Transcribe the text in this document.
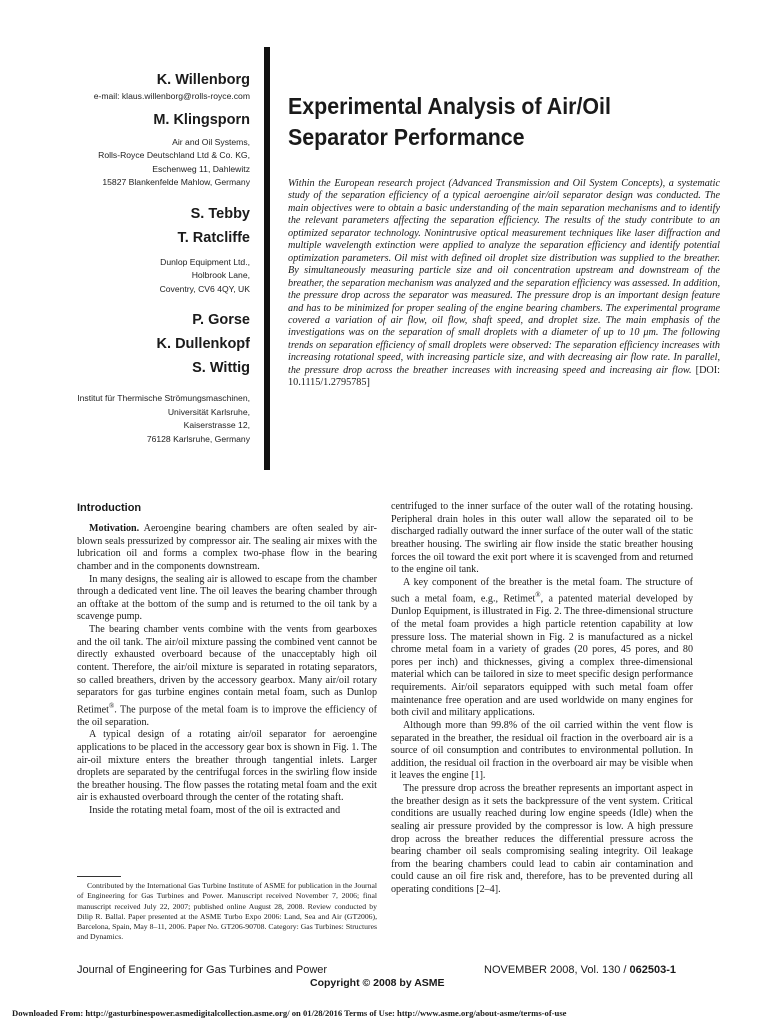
K. Willenborg
e-mail: klaus.willenborg@rolls-royce.com
M. Klingsporn
Air and Oil Systems,
Rolls-Royce Deutschland Ltd & Co. KG,
Eschenweg 11, Dahlewitz
15827 Blankenfelde Mahlow, Germany
S. Tebby
T. Ratcliffe
Dunlop Equipment Ltd.,
Holbrook Lane,
Coventry, CV6 4QY, UK
P. Gorse
K. Dullenkopf
S. Wittig
Institut für Thermische Strömungsmaschinen,
Universität Karlsruhe,
Kaiserstrasse 12,
76128 Karlsruhe, Germany
Experimental Analysis of Air/Oil
Separator Performance
Within the European research project (Advanced Transmission and Oil System Concepts), a systematic study of the separation efficiency of a typical aeroengine air/oil separator design was conducted. The main objectives were to obtain a basic understanding of the main separation mechanisms and to identify the relevant parameters affecting the separation efficiency. The results of the study contribute to an optimized separator technology. Nonintrusive optical measurement techniques like laser diffraction and multiple wavelength extinction were applied to analyze the separation efficiency and identify potential optimization parameters. Oil mist with defined oil droplet size distribution was supplied to the breather. By simultaneously measuring particle size and oil concentration upstream and downstream of the breather, the separation mechanism was analyzed and the separation efficiency was assessed. In addition, the pressure drop across the separator was measured. The pressure drop is an important design feature and has to be minimized for proper sealing of the engine bearing chambers. The experimental programe covered a variation of air flow, oil flow, shaft speed, and droplet size. The main emphasis of the investigations was on the separation of small droplets with a diameter of up to 10 μm. The following trends on separation efficiency of small droplets were observed: The separation efficiency increases with increasing rotational speed, with increasing particle size, and with decreasing air flow rate. In parallel, the pressure drop across the breather increases with increasing speed and increasing air flow. [DOI: 10.1115/1.2795785]
Introduction

Motivation. Aeroengine bearing chambers are often sealed by air-blown seals pressurized by compressor air. The sealing air mixes with the lubrication oil and forms a complex two-phase flow in the bearing chamber and in the components downstream.

In many designs, the sealing air is allowed to escape from the chamber through a dedicated vent line. The oil leaves the bearing chamber through an offtake at the bottom of the sump and is returned to the oil tank by a scavenge pump.

The bearing chamber vents combine with the vents from gearboxes and the oil tank. The air/oil mixture passing the combined vent cannot be directly exhausted overboard because of the unacceptably high oil content. Therefore, the air/oil mixture is separated in rotating separators, so called breathers, driven by the accessory gearbox. Many air/oil rotary separators for gas turbine engines contain metal foam, such as Dunlop Retimet®. The purpose of the metal foam is to improve the efficiency of the oil separation.

A typical design of a rotating air/oil separator for aeroengine applications to be placed in the accessory gear box is shown in Fig. 1. The air-oil mixture enters the breather through tangential inlets. Larger droplets are separated by the centrifugal forces in the swirling flow inside the breather housing. The flow passes the rotating metal foam and the exit air is exhausted overboard through the center of the rotating shaft.

Inside the rotating metal foam, most of the oil is extracted and

Contributed by the International Gas Turbine Institute of ASME for publication in the Journal of Engineering for Gas Turbines and Power. Manuscript received November 7, 2006; final manuscript received July 22, 2007; published online August 28, 2008. Review conducted by Dilip R. Ballal. Paper presented at the ASME Turbo Expo 2006: Land, Sea and Air (GT2006), Barcelona, Spain, May 8–11, 2006. Paper No. GT206-90708. Category: Gas Turbines: Structures and Dynamics.

centrifuged to the inner surface of the outer wall of the rotating housing. Peripheral drain holes in this outer wall allow the separated oil to be discharged radially outward the inner surface of the outer wall of the static breather housing. The swirling air flow inside the static breather housing forces the oil toward the exit port where it is scavenged from and returned to the engine oil tank.

A key component of the breather is the metal foam. The structure of such a metal foam, e.g., Retimet®, a patented material developed by Dunlop Equipment, is illustrated in Fig. 2. The three-dimensional structure of the metal foam provides a high particle retention capability at low pressure loss. The material shown in Fig. 2 is manufactured as a nickel chrome metal foam in a variety of grades (20 pores, 45 pores, and 80 pores per inch) and thicknesses, giving a complex three-dimensional material which can be tailored in size to meet specific design performance requirements. Air/oil separators equipped with such metal foam offer maintenance free operation and are used worldwide on many engines for both civil and military applications.

Although more than 99.8% of the oil carried within the vent flow is separated in the breather, the residual oil fraction in the overboard air is a source of oil consumption and contributes to environmental pollution. In addition, the residual oil fraction in the overboard air may be visible when it leaves the engine [1].

The pressure drop across the breather represents an important aspect in the breather design as it sets the backpressure of the vent system. Critical conditions are usually reached during low engine speeds (Idle) when the sealing air pressure provided by the compressor is low. A high pressure drop across the breather reduces the differential pressure across the bearing chamber oil seals compromising sealing integrity. Oil leakage from the bearing chambers could lead to cabin air contamination and could cause an oil fire risk and, therefore, has to be prevented during all operating conditions [2–4].

Journal of Engineering for Gas Turbines and Power	NOVEMBER 2008, Vol. 130 / 062503-1
Copyright © 2008 by ASME
Downloaded From: http://gasturbinespower.asmedigitalcollection.asme.org/ on 01/28/2016 Terms of Use: http://www.asme.org/about-asme/terms-of-use
